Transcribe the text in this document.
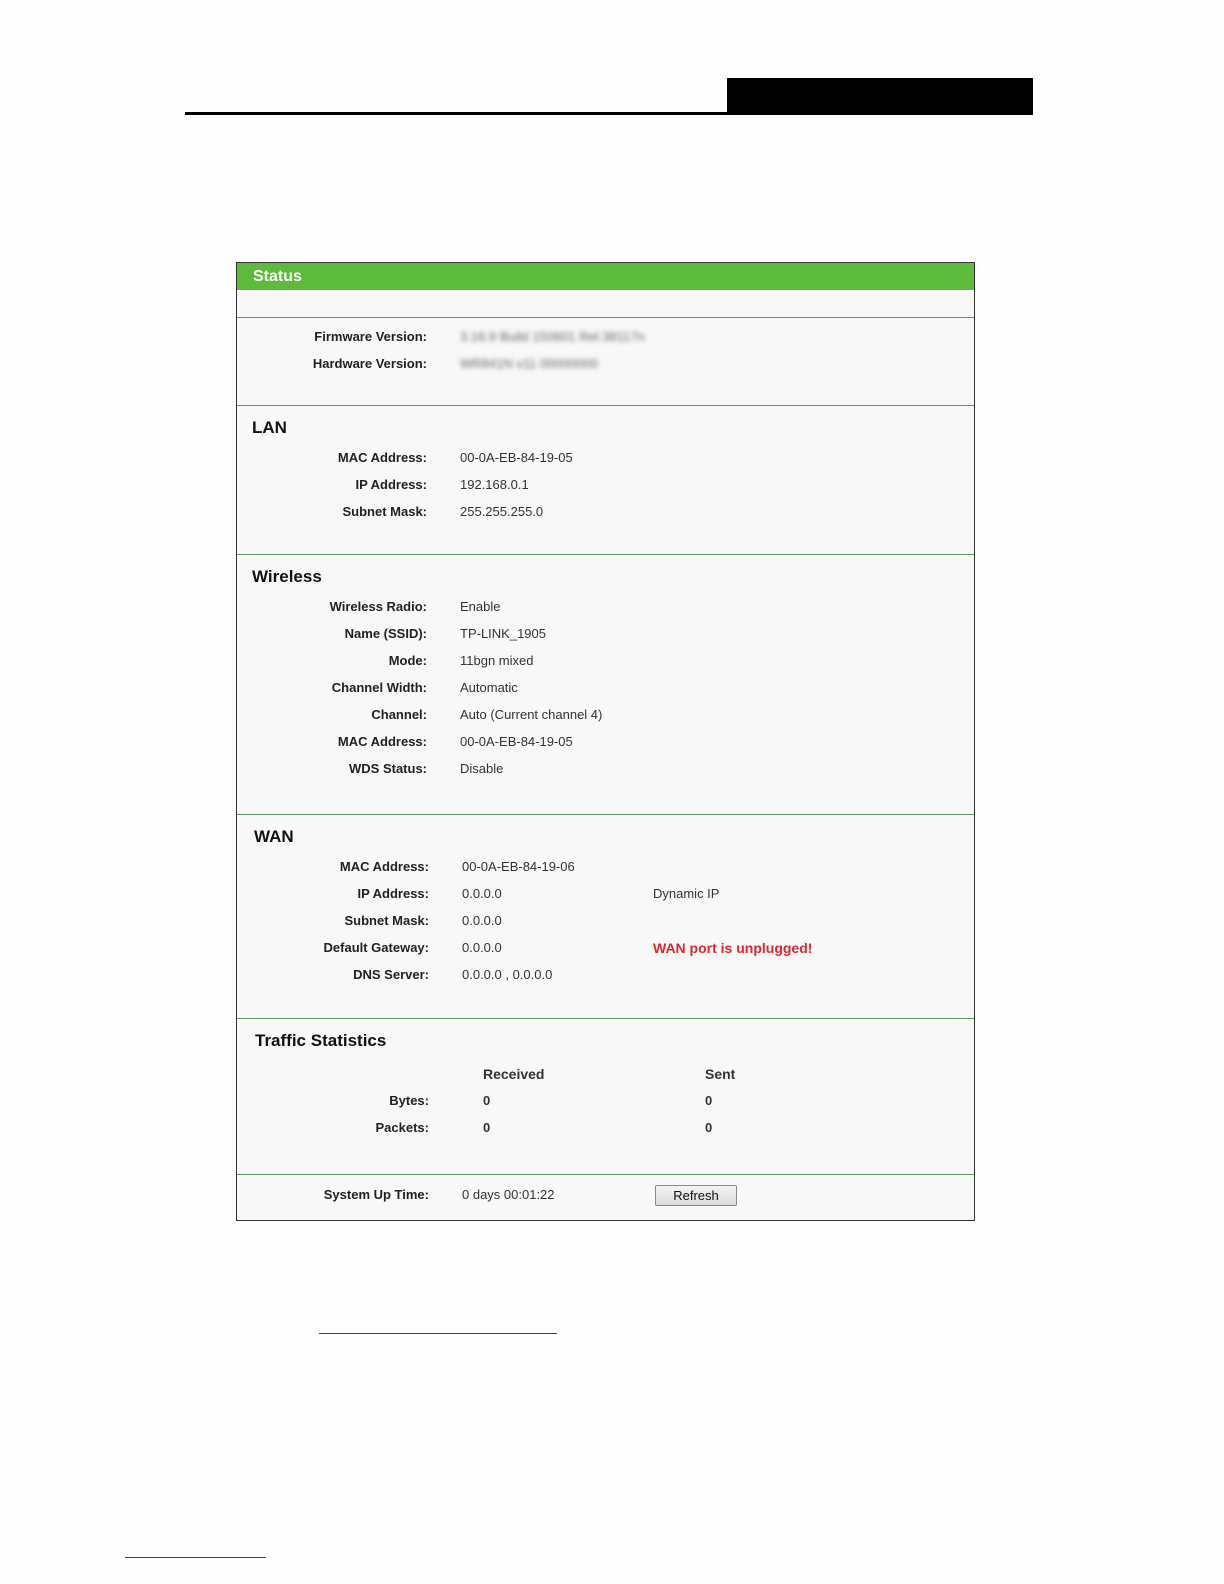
Status
Firmware Version:	3.16.9 Build 150601 Rel.38117n
Hardware Version:	WR841N v11 00000000
LAN
MAC Address:	00-0A-EB-84-19-05
IP Address:	192.168.0.1
Subnet Mask:	255.255.255.0
Wireless
Wireless Radio:	Enable
Name (SSID):	TP-LINK_1905
Mode:	11bgn mixed
Channel Width:	Automatic
Channel:	Auto (Current channel 4)
MAC Address:	00-0A-EB-84-19-05
WDS Status:	Disable
WAN
MAC Address:	00-0A-EB-84-19-06
IP Address:	0.0.0.0	Dynamic IP
Subnet Mask:	0.0.0.0
Default Gateway:	0.0.0.0	WAN port is unplugged!
DNS Server:	0.0.0.0 , 0.0.0.0
Traffic Statistics
Received	Sent
Bytes:	0	0
Packets:	0	0
System Up Time:	0 days 00:01:22	Refresh
